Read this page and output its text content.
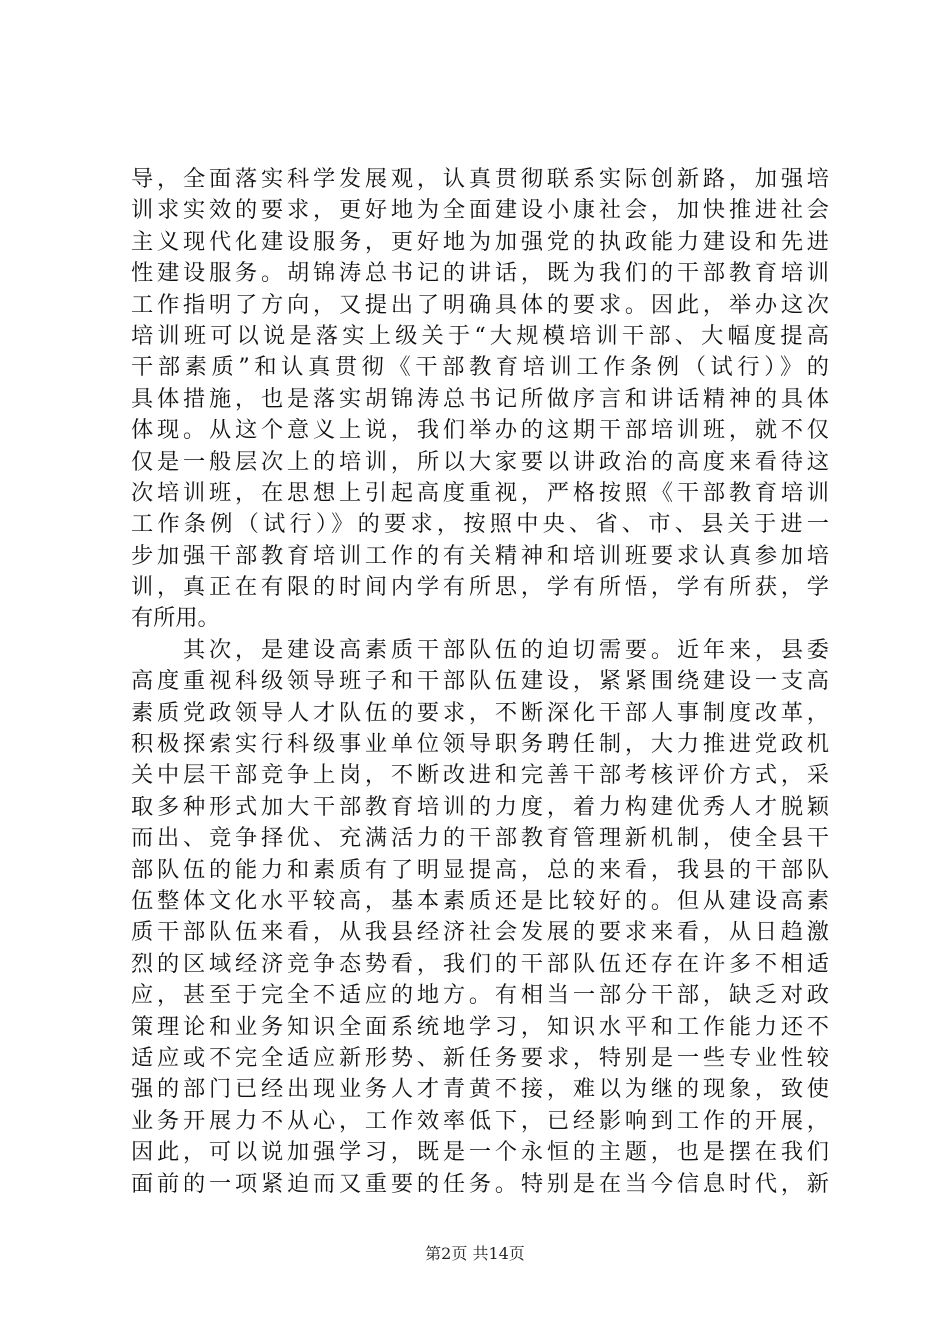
导，全面落实科学发展观，认真贯彻联系实际创新路，加强培
训求实效的要求，更好地为全面建设小康社会，加快推进社会
主义现代化建设服务，更好地为加强党的执政能力建设和先进
性建设服务。胡锦涛总书记的讲话，既为我们的干部教育培训
工作指明了方向，又提出了明确具体的要求。因此，举办这次
培训班可以说是落实上级关于“大规模培训干部、大幅度提高
干部素质”和认真贯彻《干部教育培训工作条例（试行）》的
具体措施，也是落实胡锦涛总书记所做序言和讲话精神的具体
体现。从这个意义上说，我们举办的这期干部培训班，就不仅
仅是一般层次上的培训，所以大家要以讲政治的高度来看待这
次培训班，在思想上引起高度重视，严格按照《干部教育培训
工作条例（试行）》的要求，按照中央、省、市、县关于进一
步加强干部教育培训工作的有关精神和培训班要求认真参加培
训，真正在有限的时间内学有所思，学有所悟，学有所获，学
有所用。
　　其次，是建设高素质干部队伍的迫切需要。近年来，县委
高度重视科级领导班子和干部队伍建设，紧紧围绕建设一支高
素质党政领导人才队伍的要求，不断深化干部人事制度改革，
积极探索实行科级事业单位领导职务聘任制，大力推进党政机
关中层干部竞争上岗，不断改进和完善干部考核评价方式，采
取多种形式加大干部教育培训的力度，着力构建优秀人才脱颖
而出、竞争择优、充满活力的干部教育管理新机制，使全县干
部队伍的能力和素质有了明显提高，总的来看，我县的干部队
伍整体文化水平较高，基本素质还是比较好的。但从建设高素
质干部队伍来看，从我县经济社会发展的要求来看，从日趋激
烈的区域经济竞争态势看，我们的干部队伍还存在许多不相适
应，甚至于完全不适应的地方。有相当一部分干部，缺乏对政
策理论和业务知识全面系统地学习，知识水平和工作能力还不
适应或不完全适应新形势、新任务要求，特别是一些专业性较
强的部门已经出现业务人才青黄不接，难以为继的现象，致使
业务开展力不从心，工作效率低下，已经影响到工作的开展，
因此，可以说加强学习，既是一个永恒的主题，也是摆在我们
面前的一项紧迫而又重要的任务。特别是在当今信息时代，新
第2页 共14页
